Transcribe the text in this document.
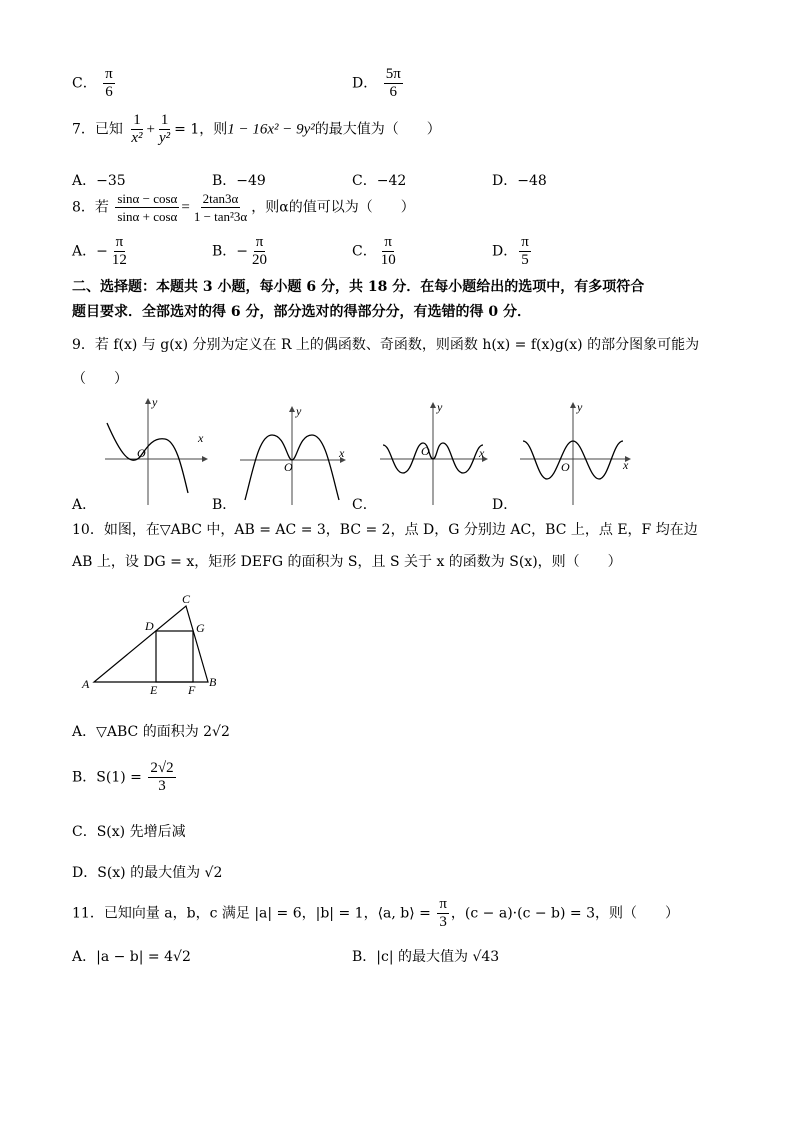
C． $\frac{\pi}{6}$	D． $\frac{5\pi}{6}$
7．已知 $\frac{1}{\text{x²}} + \frac{1}{\text{y²}} = 1$，则1 − 16x² − 9y²的最大值为（　　）
A．−35	B．−49	C．−42	D．−48
8．若 $\frac{\sin\alpha - \cos\alpha}{\sin\alpha + \cos\alpha} = \frac{2\tan 3\alpha}{\text{1 − tan²3α}}$ ，则α的值可以为（　　）
A．− $\frac{\pi}{12}$	B．− $\frac{\pi}{20}$	C． $\frac{\pi}{10}$	D． $\frac{\pi}{5}$
二、选择题：本题共 3 小题，每小题 6 分，共 18 分．在每小题给出的选项中，有多项符合
题目要求．全部选对的得 6 分，部分选对的得部分分，有选错的得 0 分．
9．若 f(x) 与 g(x) 分别为定义在 R 上的偶函数、奇函数，则函数 h(x) = f(x)g(x) 的部分图象可能为
（　　）
y
x
O
y
x
O
y
x
O
y
x
O
A．	B．	C．	D．
10．如图，在▽ABC 中，AB = AC = 3，BC = 2，点 D，G 分别边 AC，BC 上，点 E，F 均在边
AB 上，设 DG = x，矩形 DEFG 的面积为 S，且 S 关于 x 的函数为 S(x)，则（　　）
A	B
C
D
E	F
G
A．▽ABC 的面积为 2√2
B．$S(1) = \frac{2√2}{3}$
C．S(x) 先增后减
D．S(x) 的最大值为 √2
11．已知向量 a，b，c 满足 |a| = 6，|b| = 1，⟨a, b⟩ = $\frac{\pi}{3}$ ，(c − a)·(c − b) = 3，则（　　）
A．|a − b| = 4√2	B．|c| 的最大值为 √43
